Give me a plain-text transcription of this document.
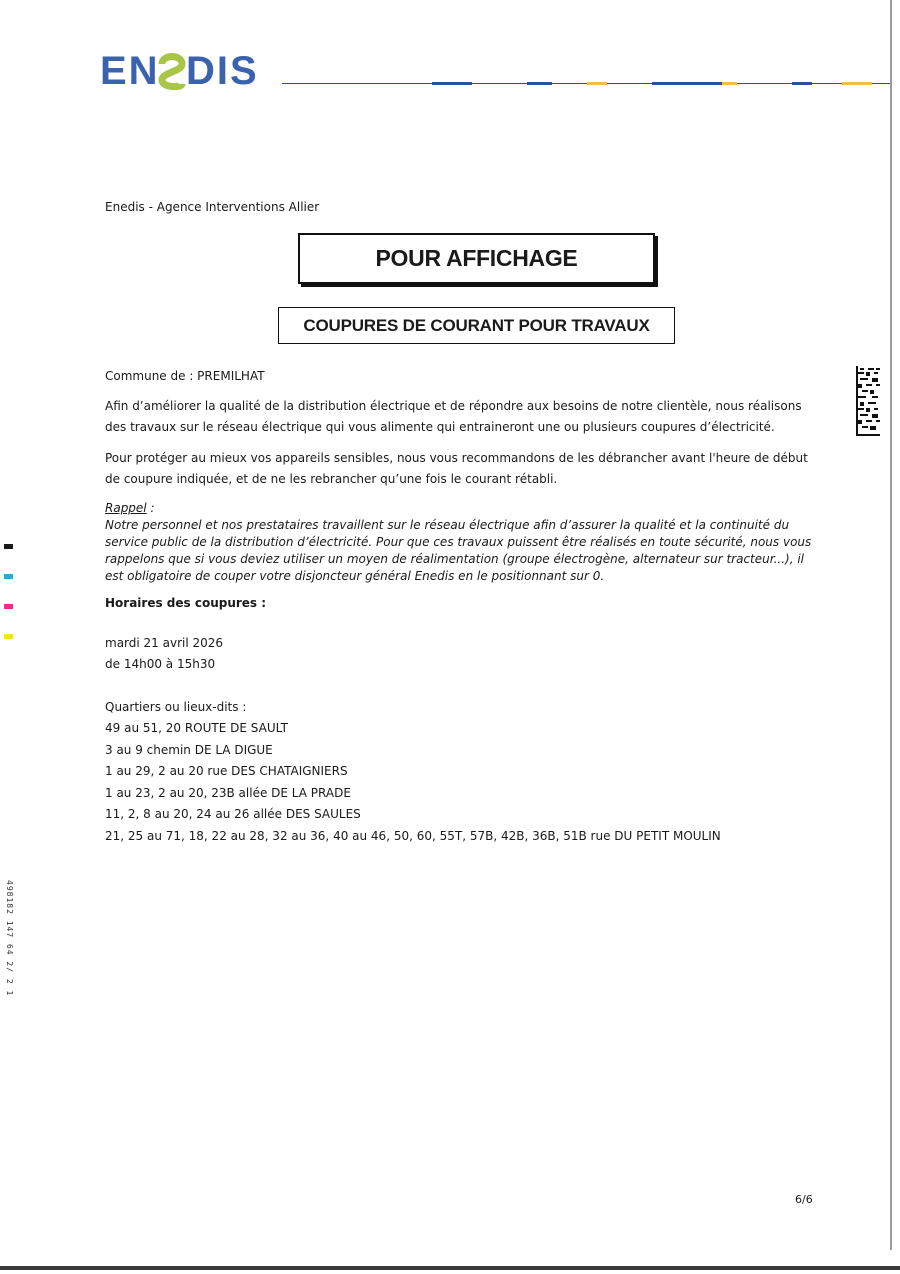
EN DIS
Enedis - Agence Interventions Allier
POUR AFFICHAGE
COUPURES DE COURANT POUR TRAVAUX
Commune de : PREMILHAT
Afin d’améliorer la qualité de la distribution électrique et de répondre aux besoins de notre clientèle, nous réalisons des travaux sur le réseau électrique qui vous alimente qui entraineront une ou plusieurs coupures d’électricité.
Pour protéger au mieux vos appareils sensibles, nous vous recommandons de les débrancher avant l'heure de début de coupure indiquée, et de ne les rebrancher qu’une fois le courant rétabli.
Rappel :
Notre personnel et nos prestataires travaillent sur le réseau électrique afin d’assurer la qualité et la continuité du service public de la distribution d’électricité. Pour que ces travaux puissent être réalisés en toute sécurité, nous vous rappelons que si vous deviez utiliser un moyen de réalimentation (groupe électrogène, alternateur sur tracteur...), il est obligatoire de couper votre disjoncteur général Enedis en le positionnant sur 0.
Horaires des coupures :
mardi 21 avril 2026
de 14h00 à 15h30
Quartiers ou lieux-dits :
49 au 51, 20 ROUTE DE SAULT
3 au 9 chemin DE LA DIGUE
1 au 29, 2 au 20 rue DES CHATAIGNIERS
1 au 23, 2 au 20, 23B allée DE LA PRADE
11, 2, 8 au 20, 24 au 26 allée DES SAULES
21, 25 au 71, 18, 22 au 28, 32 au 36, 40 au 46, 50, 60, 55T, 57B, 42B, 36B, 51B rue DU PETIT MOULIN
498182 147 64 2/ 2 1
6/6
